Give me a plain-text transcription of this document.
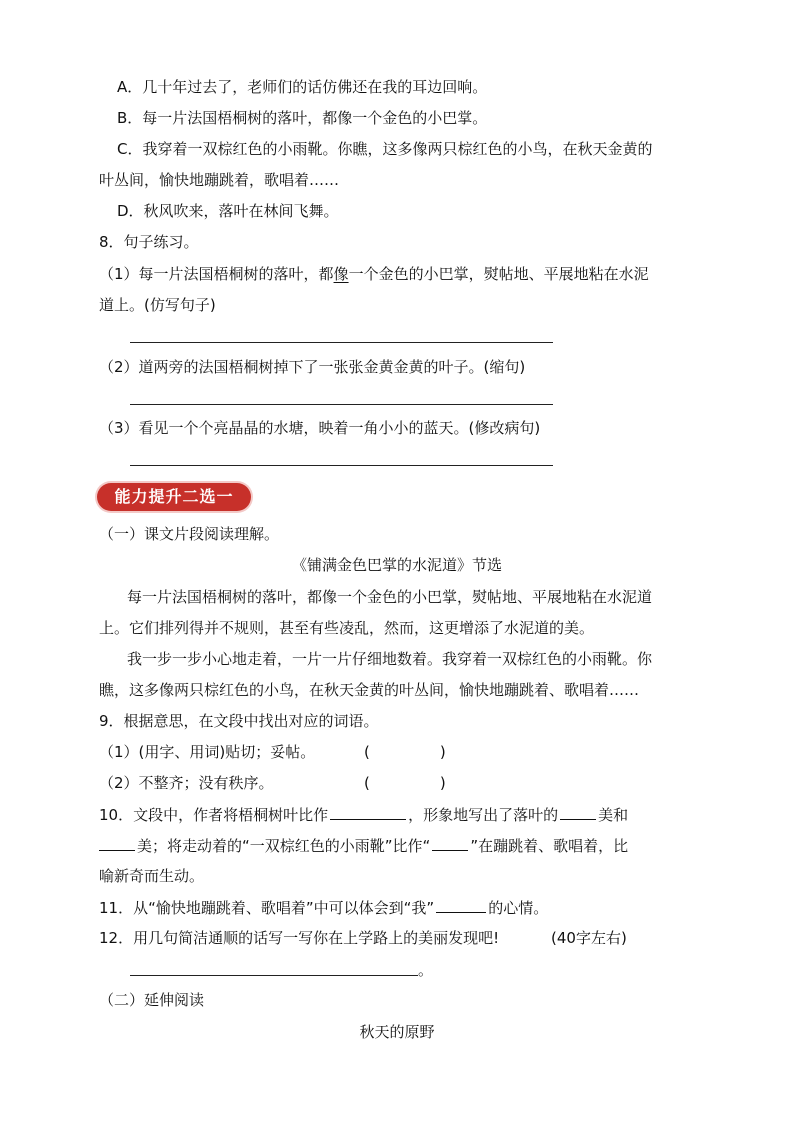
A．几十年过去了，老师们的话仿佛还在我的耳边回响。
B．每一片法国梧桐树的落叶，都像一个金色的小巴掌。
C．我穿着一双棕红色的小雨靴。你瞧，这多像两只棕红色的小鸟，在秋天金黄的
叶丛间，愉快地蹦跳着，歌唱着……
D．秋风吹来，落叶在林间飞舞。
8．句子练习。
（1）每一片法国梧桐树的落叶，都像一个金色的小巴掌，熨帖地、平展地粘在水泥
道上。(仿写句子)
（2）道两旁的法国梧桐树掉下了一张张金黄金黄的叶子。(缩句)
（3）看见一个个亮晶晶的水塘，映着一角小小的蓝天。(修改病句)
能力提升二选一
（一）课文片段阅读理解。
《铺满金色巴掌的水泥道》节选
每一片法国梧桐树的落叶，都像一个金色的小巴掌，熨帖地、平展地粘在水泥道
上。它们排列得并不规则，甚至有些凌乱，然而，这更增添了水泥道的美。
我一步一步小心地走着，一片一片仔细地数着。我穿着一双棕红色的小雨靴。你
瞧，这多像两只棕红色的小鸟，在秋天金黄的叶丛间，愉快地蹦跳着、歌唱着……
9．根据意思，在文段中找出对应的词语。
（1）(用字、用词)贴切；妥帖。	(	)
（2）不整齐；没有秩序。	(	)
10．文段中，作者将梧桐树叶比作	，形象地写出了落叶的	美和
美；将走动着的“一双棕红色的小雨靴”比作“	”在蹦跳着、歌唱着，比
喻新奇而生动。
11．从“愉快地蹦跳着、歌唱着”中可以体会到“我”	的心情。
12．用几句简洁通顺的话写一写你在上学路上的美丽发现吧!	(40字左右)
。
（二）延伸阅读
秋天的原野
